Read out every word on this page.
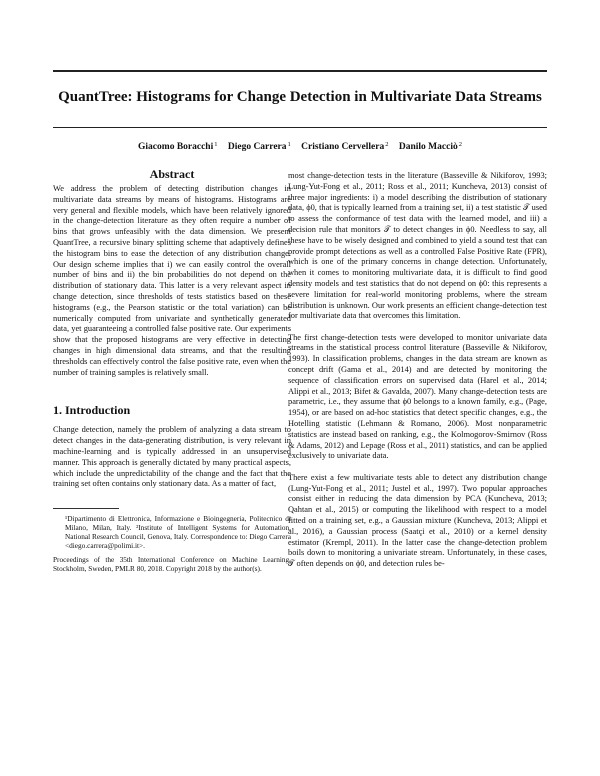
QuantTree: Histograms for Change Detection in Multivariate Data Streams
Giacomo Boracchi$^1$ Diego Carrera$^1$ Cristiano Cervellera$^2$ Danilo Macciò$^2$
Abstract

We address the problem of detecting distribution changes in multivariate data streams by means of histograms. Histograms are very general and flexible models, which have been relatively ignored in the change-detection literature as they often require a number of bins that grows unfeasibly with the data dimension. We present QuantTree, a recursive binary splitting scheme that adaptively defines the histogram bins to ease the detection of any distribution change. Our design scheme implies that i) we can easily control the overall number of bins and ii) the bin probabilities do not depend on the distribution of stationary data. This latter is a very relevant aspect in change detection, since thresholds of tests statistics based on these histograms (e.g., the Pearson statistic or the total variation) can be numerically computed from univariate and synthetically generated data, yet guaranteeing a controlled false positive rate. Our experiments show that the proposed histograms are very effective in detecting changes in high dimensional data streams, and that the resulting thresholds can effectively control the false positive rate, even when the number of training samples is relatively small.

1. Introduction

Change detection, namely the problem of analyzing a data stream to detect changes in the data-generating distribution, is very relevant in machine-learning and is typically addressed in an unsupervised manner. This approach is generally dictated by many practical aspects, which include the unpredictability of the change and the fact that the training set often contains only stationary data. As a matter of fact,

¹Dipartimento di Elettronica, Informazione e Bioingegneria, Politecnico di Milano, Milan, Italy. ²Institute of Intelligent Systems for Automation, National Research Council, Genova, Italy. Correspondence to: Diego Carrera <diego.carrera@polimi.it>.

Proceedings of the 35th International Conference on Machine Learning, Stockholm, Sweden, PMLR 80, 2018. Copyright 2018 by the author(s).

most change-detection tests in the literature (Basseville & Nikiforov, 1993; Lung-Yut-Fong et al., 2011; Ross et al., 2011; Kuncheva, 2013) consist of three major ingredients: i) a model describing the distribution of stationary data, ϕ0, that is typically learned from a training set, ii) a test statistic 𝒯 used to assess the conformance of test data with the learned model, and iii) a decision rule that monitors 𝒯 to detect changes in ϕ0. Needless to say, all these have to be wisely designed and combined to yield a sound test that can provide prompt detections as well as a controlled False Positive Rate (FPR), which is one of the primary concerns in change detection. Unfortunately, when it comes to monitoring multivariate data, it is difficult to find good density models and test statistics that do not depend on ϕ0: this represents a severe limitation for real-world monitoring problems, where the stream distribution is unknown. Our work presents an efficient change-detection test for multivariate data that overcomes this limitation.

The first change-detection tests were developed to monitor univariate data streams in the statistical process control literature (Basseville & Nikiforov, 1993). In classification problems, changes in the data stream are known as concept drift (Gama et al., 2014) and are detected by monitoring the sequence of classification errors on supervised data (Harel et al., 2014; Alippi et al., 2013; Bifet & Gavalda, 2007). Many change-detection tests are parametric, i.e., they assume that ϕ0 belongs to a known family, e.g., (Page, 1954), or are based on ad-hoc statistics that detect specific changes, e.g., the Hotelling statistic (Lehmann & Romano, 2006). Most nonparametric statistics are instead based on ranking, e.g., the Kolmogorov-Smirnov (Ross & Adams, 2012) and Lepage (Ross et al., 2011) statistics, and can be applied exclusively to univariate data.

There exist a few multivariate tests able to detect any distribution change (Lung-Yut-Fong et al., 2011; Justel et al., 1997). Two popular approaches consist either in reducing the data dimension by PCA (Kuncheva, 2013; Qahtan et al., 2015) or computing the likelihood with respect to a model fitted on a training set, e.g., a Gaussian mixture (Kuncheva, 2013; Alippi et al., 2016), a Gaussian process (Saatçi et al., 2010) or a kernel density estimator (Krempl, 2011). In the latter case the change-detection problem boils down to monitoring a univariate stream. Unfortunately, in these cases, 𝒯 often depends on ϕ0, and detection rules be-
